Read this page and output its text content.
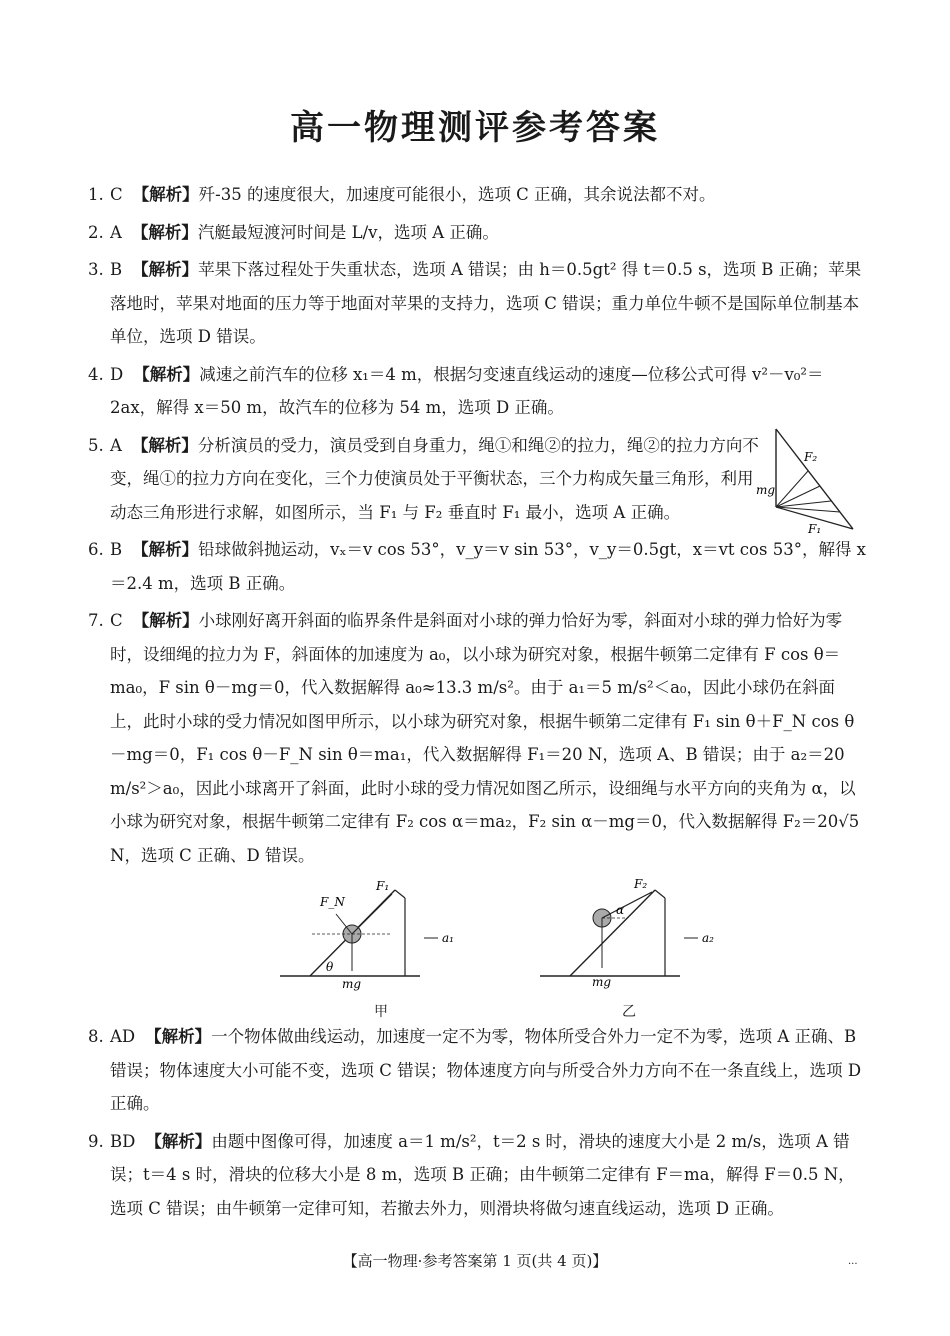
高一物理测评参考答案
1. C 【解析】歼-35 的速度很大，加速度可能很小，选项 C 正确，其余说法都不对。

2. A 【解析】汽艇最短渡河时间是 L/v，选项 A 正确。

3. B 【解析】苹果下落过程处于失重状态，选项 A 错误；由 h＝0.5gt² 得 t＝0.5 s，选项 B 正确；苹果落地时，苹果对地面的压力等于地面对苹果的支持力，选项 C 错误；重力单位牛顿不是国际单位制基本单位，选项 D 错误。

4. D 【解析】减速之前汽车的位移 x₁＝4 m，根据匀变速直线运动的速度—位移公式可得 v²－v₀²＝2ax，解得 x＝50 m，故汽车的位移为 54 m，选项 D 正确。

5. A 【解析】分析演员的受力，演员受到自身重力，绳①和绳②的拉力，绳②的拉力方向不变，绳①的拉力方向在变化，三个力使演员处于平衡状态，三个力构成矢量三角形，利用动态三角形进行求解，如图所示，当 F₁ 与 F₂ 垂直时 F₁ 最小，选项 A 正确。

F₂
mg
F₁
6. B 【解析】铅球做斜抛运动，vₓ＝v cos 53°，v_y＝v sin 53°，v_y＝0.5gt，x＝vt cos 53°，解得 x＝2.4 m，选项 B 正确。

7. C 【解析】小球刚好离开斜面的临界条件是斜面对小球的弹力恰好为零，斜面对小球的弹力恰好为零时，设细绳的拉力为 F，斜面体的加速度为 a₀，以小球为研究对象，根据牛顿第二定律有 F cos θ＝ma₀，F sin θ－mg＝0，代入数据解得 a₀≈13.3 m/s²。由于 a₁＝5 m/s²＜a₀，因此小球仍在斜面上，此时小球的受力情况如图甲所示，以小球为研究对象，根据牛顿第二定律有 F₁ sin θ＋F_N cos θ－mg＝0，F₁ cos θ－F_N sin θ＝ma₁，代入数据解得 F₁＝20 N，选项 A、B 错误；由于 a₂＝20 m/s²＞a₀，因此小球离开了斜面，此时小球的受力情况如图乙所示，设细绳与水平方向的夹角为 α，以小球为研究对象，根据牛顿第二定律有 F₂ cos α＝ma₂，F₂ sin α－mg＝0，代入数据解得 F₂＝20√5 N，选项 C 正确、D 错误。

F_N
F₁
a₁
θ
mg
甲
F₂
α
a₂
mg
乙
8. AD 【解析】一个物体做曲线运动，加速度一定不为零，物体所受合外力一定不为零，选项 A 正确、B 错误；物体速度大小可能不变，选项 C 错误；物体速度方向与所受合外力方向不在一条直线上，选项 D 正确。

9. BD 【解析】由题中图像可得，加速度 a＝1 m/s²，t＝2 s 时，滑块的速度大小是 2 m/s，选项 A 错误；t＝4 s 时，滑块的位移大小是 8 m，选项 B 正确；由牛顿第二定律有 F＝ma，解得 F＝0.5 N，选项 C 错误；由牛顿第一定律可知，若撤去外力，则滑块将做匀速直线运动，选项 D 正确。

【高一物理·参考答案第 1 页(共 4 页)】	...
